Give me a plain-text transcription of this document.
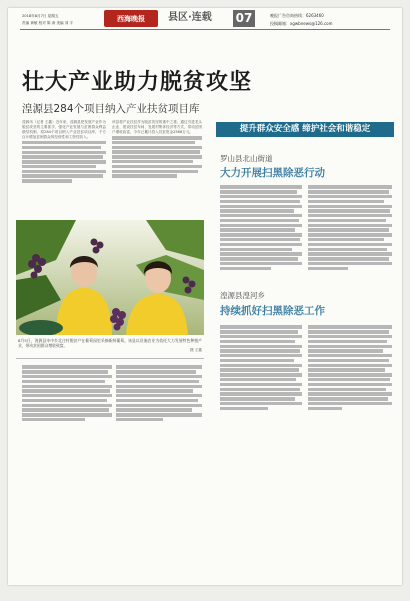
2018年8月7日 星期五
责编 黄敏 校对 陈 涛 美编 刘 宇	西海晚报	县区·连载 07	晚报广告咨询热线：6263460
投稿邮箱：xgwbnews@126.com
壮大产业助力脱贫攻坚
湟源县284个项目纳入产业扶贫项目库
湟源讯（记者 王鑫）近年来，湟源县把发展产业作为脱贫攻坚的主要抓手，强化产业发展与贫困群众利益联结机制，将284个项目纳入产业扶贫项目库，千方百计增加贫困群众的经营性和工资性收入。
该县将产业扶贫作为脱贫攻坚的重中之重，通过引进龙头企业、建设扶贫车间、发展村集体经济等方式，带动贫困户增收致富，今年已累计投入扶贫资金2568万元。
8月5日，湟源县申中乡北庄村脱贫户在葡萄园里采摘新鲜葡萄。该县以设施农业为依托大力发展特色种植产业，带动贫困群众增收致富。
摄 王鑫
提升群众安全感 缔护社会和谐稳定
罗山县北山街道
大力开展扫黑除恶行动
湟源县湟河乡
持续抓好扫黑除恶工作
